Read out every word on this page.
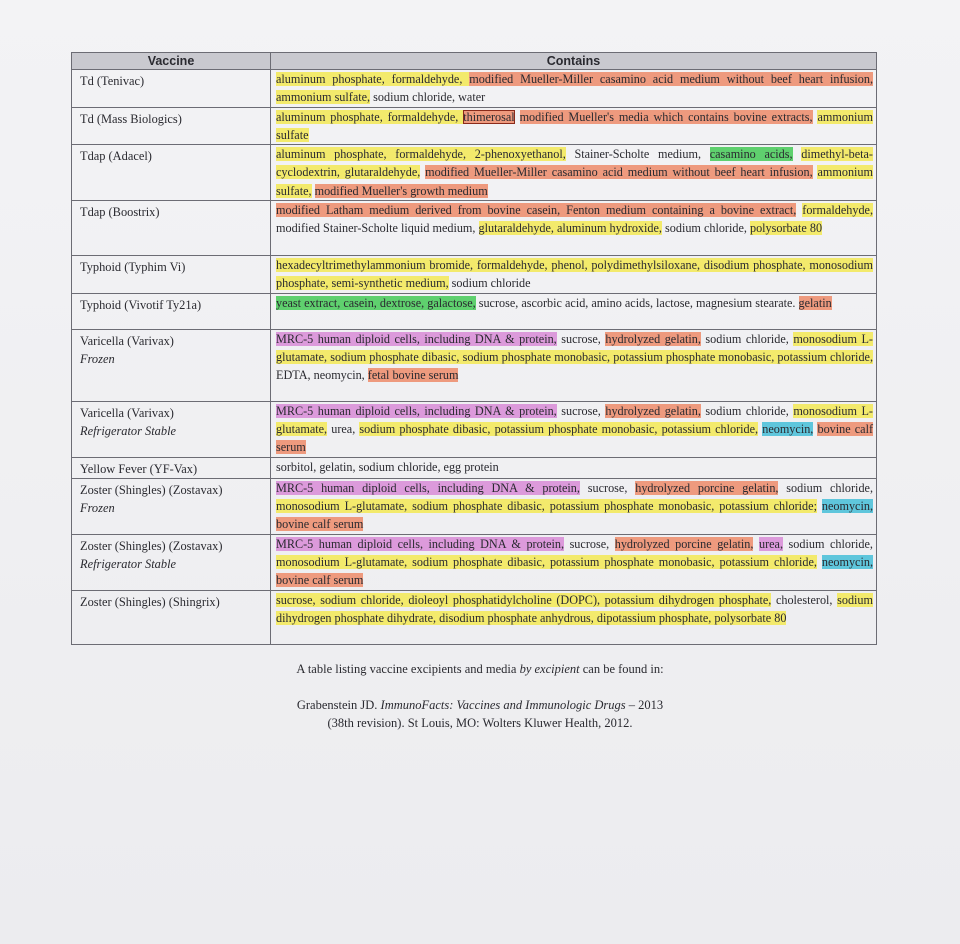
Vaccine	Contains

Td (Tenivac)	aluminum phosphate, formaldehyde, modified Mueller-Miller casamino acid medium without beef heart infusion, ammonium sulfate, sodium chloride, water

Td (Mass Biologics)	aluminum phosphate, formaldehyde, thimerosal modified Mueller's media which contains bovine extracts, ammonium sulfate

Tdap (Adacel)	aluminum phosphate, formaldehyde, 2-phenoxyethanol, Stainer-Scholte medium, casamino acids, dimethyl-beta-cyclodextrin, glutaraldehyde, modified Mueller-Miller casamino acid medium without beef heart infusion, ammonium sulfate, modified Mueller's growth medium

Tdap (Boostrix)	modified Latham medium derived from bovine casein, Fenton medium containing a bovine extract, formaldehyde, modified Stainer-Scholte liquid medium, glutaraldehyde, aluminum hydroxide, sodium chloride, polysorbate 80

Typhoid (Typhim Vi)	hexadecyltrimethylammonium bromide, formaldehyde, phenol, polydimethylsiloxane, disodium phosphate, monosodium phosphate, semi-synthetic medium, sodium chloride

Typhoid (Vivotif Ty21a)	yeast extract, casein, dextrose, galactose, sucrose, ascorbic acid, amino acids, lactose, magnesium stearate. gelatin

Varicella (Varivax)
Frozen	MRC-5 human diploid cells, including DNA & protein, sucrose, hydrolyzed gelatin, sodium chloride, monosodium L-glutamate, sodium phosphate dibasic, sodium phosphate monobasic, potassium phosphate monobasic, potassium chloride, EDTA, neomycin, fetal bovine serum

Varicella (Varivax)
Refrigerator Stable	MRC-5 human diploid cells, including DNA & protein, sucrose, hydrolyzed gelatin, sodium chloride, monosodium L-glutamate, urea, sodium phosphate dibasic, potassium phosphate monobasic, potassium chloride, neomycin, bovine calf serum

Yellow Fever (YF-Vax)	sorbitol, gelatin, sodium chloride, egg protein

Zoster (Shingles) (Zostavax)
Frozen	MRC-5 human diploid cells, including DNA & protein, sucrose, hydrolyzed porcine gelatin, sodium chloride, monosodium L-glutamate, sodium phosphate dibasic, potassium phosphate monobasic, potassium chloride; neomycin, bovine calf serum

Zoster (Shingles) (Zostavax)
Refrigerator Stable	MRC-5 human diploid cells, including DNA & protein, sucrose, hydrolyzed porcine gelatin, urea, sodium chloride, monosodium L-glutamate, sodium phosphate dibasic, potassium phosphate monobasic, potassium chloride, neomycin, bovine calf serum

Zoster (Shingles) (Shingrix)	sucrose, sodium chloride, dioleoyl phosphatidylcholine (DOPC), potassium dihydrogen phosphate, cholesterol, sodium dihydrogen phosphate dihydrate, disodium phosphate anhydrous, dipotassium phosphate, polysorbate 80
A table listing vaccine excipients and media by excipient can be found in:
Grabenstein JD. ImmunoFacts: Vaccines and Immunologic Drugs – 2013
(38th revision). St Louis, MO: Wolters Kluwer Health, 2012.
